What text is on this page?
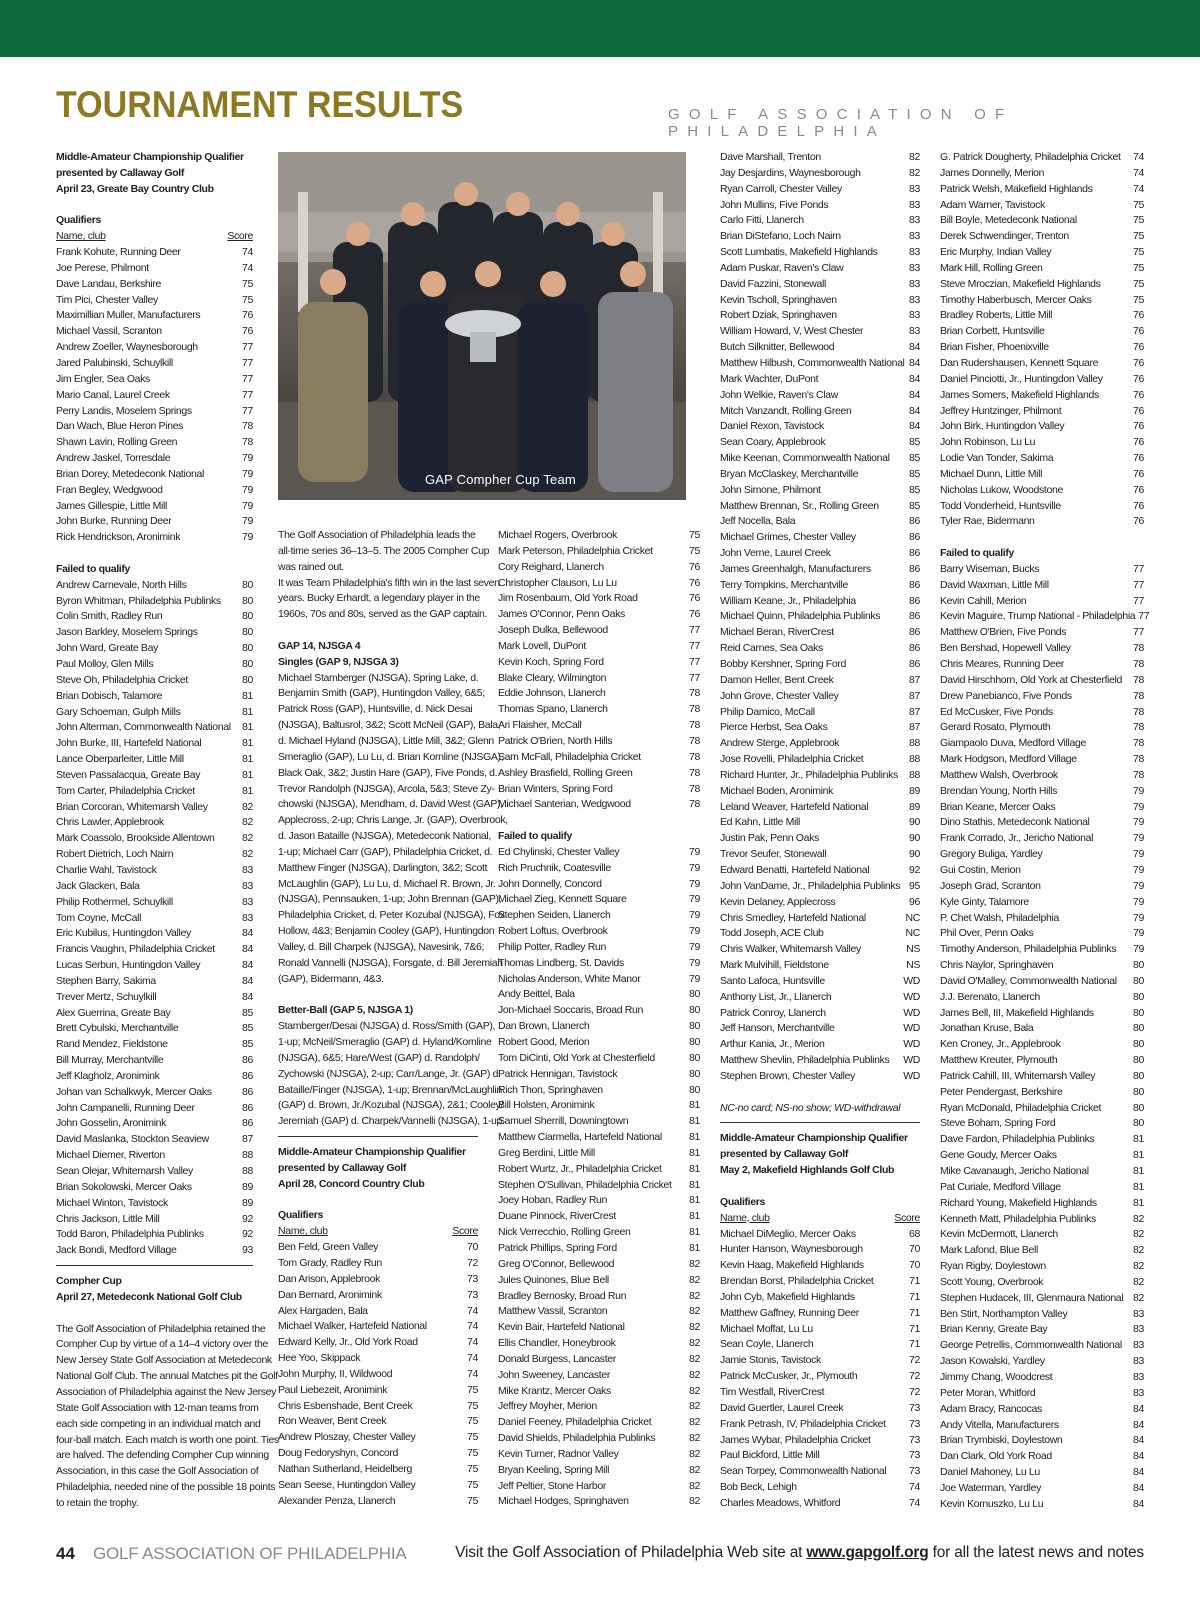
TOURNAMENT RESULTS	GOLF ASSOCIATION OF PHILADELPHIA
Middle-Amateur Championship Qualifier
presented by Callaway Golf
April 23, Greate Bay Country Club
Qualifiers
Name, club	Score
Frank Kohute, Running Deer	74
Joe Perese, Philmont	74
Dave Landau, Berkshire	75
Tim Pici, Chester Valley	75
Maximillian Muller, Manufacturers	76
Michael Vassil, Scranton	76
Andrew Zoeller, Waynesborough	77
Jared Palubinski, Schuylkill	77
Jim Engler, Sea Oaks	77
Mario Canal, Laurel Creek	77
Perry Landis, Moselem Springs	77
Dan Wach, Blue Heron Pines	78
Shawn Lavin, Rolling Green	78
Andrew Jaskel, Torresdale	79
Brian Dorey, Metedeconk National	79
Fran Begley, Wedgwood	79
James Gillespie, Little Mill	79
John Burke, Running Deer	79
Rick Hendrickson, Aronimink	79
Failed to qualify
Andrew Carnevale, North Hills	80
Byron Whitman, Philadelphia Publinks 80
Colin Smith, Radley Run	80
Jason Barkley, Moselem Springs	80
John Ward, Greate Bay	80
Paul Molloy, Glen Mills	80
Steve Oh, Philadelphia Cricket	80
Brian Dobisch, Talamore	81
Gary Schoeman, Gulph Mills	81
John Alterman, Commonwealth National 81
John Burke, III, Hartefeld National	81
Lance Oberparleiter, Little Mill	81
Steven Passalacqua, Greate Bay	81
Tom Carter, Philadelphia Cricket	81
Brian Corcoran, Whitemarsh Valley	82
Chris Lawler, Applebrook	82
Mark Coassolo, Brookside Allentown	82
Robert Dietrich, Loch Nairn	82
Charlie Wahl, Tavistock	83
Jack Glacken, Bala	83
Philip Rothermel, Schuylkill	83
Tom Coyne, McCall	83
Eric Kubilus, Huntingdon Valley	84
Francis Vaughn, Philadelphia Cricket	84
Lucas Serbun, Huntingdon Valley	84
Stephen Barry, Sakima	84
Trever Mertz, Schuylkill	84
Alex Guerrina, Greate Bay	85
Brett Cybulski, Merchantville	85
Rand Mendez, Fieldstone	85
Bill Murray, Merchantville	86
Jeff Klagholz, Aronimink	86
Johan van Schalkwyk, Mercer Oaks	86
John Campanelli, Running Deer	86
John Gosselin, Aronimink	86
David Maslanka, Stockton Seaview	87
Michael Diemer, Riverton	88
Sean Olejar, Whitemarsh Valley	88
Brian Sokolowski, Mercer Oaks	89
Michael Winton, Tavistock	89
Chris Jackson, Little Mill	92
Todd Baron, Philadelphia Publinks	92
Jack Bondi, Medford Village	93
Compher Cup
April 27, Metedeconk National Golf Club
The Golf Association of Philadelphia retained the
Compher Cup by virtue of a 14–4 victory over the
New Jersey State Golf Association at Metedeconk
National Golf Club. The annual Matches pit the Golf
Association of Philadelphia against the New Jersey
State Golf Association with 12-man teams from
each side competing in an individual match and
four-ball match. Each match is worth one point. Ties
are halved. The defending Compher Cup winning
Association, in this case the Golf Association of
Philadelphia, needed nine of the possible 18 points
to retain the trophy.
GAP Compher Cup Team
The Golf Association of Philadelphia leads the
all-time series 36–13–5. The 2005 Compher Cup
was rained out.
It was Team Philadelphia's fifth win in the last seven
years. Bucky Erhardt, a legendary player in the
1960s, 70s and 80s, served as the GAP captain.
GAP 14, NJSGA 4
Singles (GAP 9, NJSGA 3)
Michael Stamberger (NJSGA), Spring Lake, d.
Benjamin Smith (GAP), Huntingdon Valley, 6&5;
Patrick Ross (GAP), Huntsville, d. Nick Desai
(NJSGA), Baltusrol, 3&2; Scott McNeil (GAP), Bala,
d. Michael Hyland (NJSGA), Little Mill, 3&2; Glenn
Smeraglio (GAP), Lu Lu, d. Brian Kornline (NJSGA),
Black Oak, 3&2; Justin Hare (GAP), Five Ponds, d.
Trevor Randolph (NJSGA), Arcola, 5&3; Steve Zy-
chowski (NJSGA), Mendham, d. David West (GAP),
Applecross, 2-up; Chris Lange, Jr. (GAP), Overbrook,
d. Jason Bataille (NJSGA), Metedeconk National,
1-up; Michael Carr (GAP), Philadelphia Cricket, d.
Matthew Finger (NJSGA), Darlington, 3&2; Scott
McLaughlin (GAP), Lu Lu, d. Michael R. Brown, Jr.
(NJSGA), Pennsauken, 1-up; John Brennan (GAP),
Philadelphia Cricket, d. Peter Kozubal (NJSGA), Fox
Hollow, 4&3; Benjamin Cooley (GAP), Huntingdon
Valley, d. Bill Charpek (NJSGA), Navesink, 7&6;
Ronald Vannelli (NJSGA), Forsgate, d. Bill Jeremiah
(GAP), Bidermann, 4&3.
Better-Ball (GAP 5, NJSGA 1)
Stamberger/Desai (NJSGA) d. Ross/Smith (GAP),
1-up; McNeil/Smeraglio (GAP) d. Hyland/Kornline
(NJSGA), 6&5; Hare/West (GAP) d. Randolph/
Zychowski (NJSGA), 2-up; Carr/Lange, Jr. (GAP) d.
Bataille/Finger (NJSGA), 1-up; Brennan/McLaughlin
(GAP) d. Brown, Jr./Kozubal (NJSGA), 2&1; Cooley/
Jeremiah (GAP) d. Charpek/Vannelli (NJSGA), 1-up.
Middle-Amateur Championship Qualifier
presented by Callaway Golf
April 28, Concord Country Club
Qualifiers
Name, club	Score
Ben Feld, Green Valley	70
Tom Grady, Radley Run	72
Dan Arison, Applebrook	73
Dan Bernard, Aronimink	73
Alex Hargaden, Bala	74
Michael Walker, Hartefeld National	74
Edward Kelly, Jr., Old York Road	74
Hee Yoo, Skippack	74
John Murphy, II, Wildwood	74
Paul Liebezeit, Aronimink	75
Chris Esbenshade, Bent Creek	75
Ron Weaver, Bent Creek	75
Andrew Ploszay, Chester Valley	75
Doug Fedoryshyn, Concord	75
Nathan Sutherland, Heidelberg	75
Sean Seese, Huntingdon Valley	75
Alexander Penza, Llanerch	75
Michael Rogers, Overbrook	75
Mark Peterson, Philadelphia Cricket	75
Cory Reighard, Llanerch	76
Christopher Clauson, Lu Lu	76
Jim Rosenbaum, Old York Road	76
James O'Connor, Penn Oaks	76
Joseph Dulka, Bellewood	77
Mark Lovell, DuPont	77
Kevin Koch, Spring Ford	77
Blake Cleary, Wilmington	77
Eddie Johnson, Llanerch	78
Thomas Spano, Llanerch	78
Ari Flaisher, McCall	78
Patrick O'Brien, North Hills	78
Sam McFall, Philadelphia Cricket	78
Ashley Brasfield, Rolling Green	78
Brian Winters, Spring Ford	78
Michael Santerian, Wedgwood	78
Failed to qualify
Ed Chylinski, Chester Valley	79
Rich Pruchnik, Coatesville	79
John Donnelly, Concord	79
Michael Zieg, Kennett Square	79
Stephen Seiden, Llanerch	79
Robert Loftus, Overbrook	79
Philip Potter, Radley Run	79
Thomas Lindberg, St. Davids	79
Nicholas Anderson, White Manor	79
Andy Beittel, Bala	80
Jon-Michael Soccaris, Broad Run	80
Dan Brown, Llanerch	80
Robert Good, Merion	80
Tom DiCinti, Old York at Chesterfield	80
Patrick Hennigan, Tavistock	80
Rich Thon, Springhaven	80
Bill Holsten, Aronimink	81
Samuel Sherrill, Downingtown	81
Matthew Ciarmella, Hartefeld National	81
Greg Berdini, Little Mill	81
Robert Wurtz, Jr., Philadelphia Cricket	81
Stephen O'Sullivan, Philadelphia Cricket 81
Joey Hoban, Radley Run	81
Duane Pinnock, RiverCrest	81
Nick Verrecchio, Rolling Green	81
Patrick Phillips, Spring Ford	81
Greg O'Connor, Bellewood	82
Jules Quinones, Blue Bell	82
Bradley Bernosky, Broad Run	82
Matthew Vassil, Scranton	82
Kevin Bair, Hartefeld National	82
Ellis Chandler, Honeybrook	82
Donald Burgess, Lancaster	82
John Sweeney, Lancaster	82
Mike Krantz, Mercer Oaks	82
Jeffrey Moyher, Merion	82
Daniel Feeney, Philadelphia Cricket	82
David Shields, Philadelphia Publinks	82
Kevin Turner, Radnor Valley	82
Bryan Keeling, Spring Mill	82
Jeff Peltier, Stone Harbor	82
Michael Hodges, Springhaven	82
Dave Marshall, Trenton	82
Jay Desjardins, Waynesborough	82
Ryan Carroll, Chester Valley	83
John Mullins, Five Ponds	83
Carlo Fitti, Llanerch	83
Brian DiStefano, Loch Nairn	83
Scott Lumbatis, Makefield Highlands	83
Adam Puskar, Raven's Claw	83
David Fazzini, Stonewall	83
Kevin Tscholl, Springhaven	83
Robert Dziak, Springhaven	83
William Howard, V, West Chester	83
Butch Silknitter, Bellewood	84
Matthew Hilbush, Commonwealth National 84
Mark Wachter, DuPont	84
John Welkie, Raven's Claw	84
Mitch Vanzandt, Rolling Green	84
Daniel Rexon, Tavistock	84
Sean Coary, Applebrook	85
Mike Keenan, Commonwealth National 85
Bryan McClaskey, Merchantville	85
John Simone, Philmont	85
Matthew Brennan, Sr., Rolling Green	85
Jeff Nocella, Bala	86
Michael Grimes, Chester Valley	86
John Verne, Laurel Creek	86
James Greenhalgh, Manufacturers	86
Terry Tompkins, Merchantville	86
William Keane, Jr., Philadelphia	86
Michael Quinn, Philadelphia Publinks	86
Michael Beran, RiverCrest	86
Reid Carnes, Sea Oaks	86
Bobby Kershner, Spring Ford	86
Damon Heller, Bent Creek	87
John Grove, Chester Valley	87
Philip Damico, McCall	87
Pierce Herbst, Sea Oaks	87
Andrew Sterge, Applebrook	88
Jose Rovelli, Philadelphia Cricket	88
Richard Hunter, Jr., Philadelphia Publinks 88
Michael Boden, Aronimink	89
Leland Weaver, Hartefeld National	89
Ed Kahn, Little Mill	90
Justin Pak, Penn Oaks	90
Trevor Seufer, Stonewall	90
Edward Benatti, Hartefeld National	92
John VanDame, Jr., Philadelphia Publinks 95
Kevin Delaney, Applecross	96
Chris Smedley, Hartefeld National	NC
Todd Joseph, ACE Club	NC
Chris Walker, Whitemarsh Valley	NS
Mark Mulvihill, Fieldstone	NS
Santo Lafoca, Huntsville	WD
Anthony List, Jr., Llanerch	WD
Patrick Conroy, Llanerch	WD
Jeff Hanson, Merchantville	WD
Arthur Kania, Jr., Merion	WD
Matthew Shevlin, Philadelphia Publinks WD
Stephen Brown, Chester Valley	WD
NC-no card; NS-no show; WD-withdrawal
Middle-Amateur Championship Qualifier
presented by Callaway Golf
May 2, Makefield Highlands Golf Club
Qualifiers
Name, club	Score
Michael DiMeglio, Mercer Oaks	68
Hunter Hanson, Waynesborough	70
Kevin Haag, Makefield Highlands	70
Brendan Borst, Philadelphia Cricket	71
John Cyb, Makefield Highlands	71
Matthew Gaffney, Running Deer	71
Michael Moffat, Lu Lu	71
Sean Coyle, Llanerch	71
Jamie Stonis, Tavistock	72
Patrick McCusker, Jr., Plymouth	72
Tim Westfall, RiverCrest	72
David Guertler, Laurel Creek	73
Frank Petrash, IV, Philadelphia Cricket 73
James Wybar, Philadelphia Cricket	73
Paul Bickford, Little Mill	73
Sean Torpey, Commonwealth National 73
Bob Beck, Lehigh	74
Charles Meadows, Whitford	74
G. Patrick Dougherty, Philadelphia Cricket 74
James Donnelly, Merion	74
Patrick Welsh, Makefield Highlands	74
Adam Warner, Tavistock	75
Bill Boyle, Metedeconk National	75
Derek Schwendinger, Trenton	75
Eric Murphy, Indian Valley	75
Mark Hill, Rolling Green	75
Steve Mroczian, Makefield Highlands	75
Timothy Haberbusch, Mercer Oaks	75
Bradley Roberts, Little Mill	76
Brian Corbett, Huntsville	76
Brian Fisher, Phoenixville	76
Dan Rudershausen, Kennett Square	76
Daniel Pinciotti, Jr., Huntingdon Valley	76
James Somers, Makefield Highlands	76
Jeffrey Huntzinger, Philmont	76
John Birk, Huntingdon Valley	76
John Robinson, Lu Lu	76
Lodie Van Tonder, Sakima	76
Michael Dunn, Little Mill	76
Nicholas Lukow, Woodstone	76
Todd Vonderheid, Huntsville	76
Tyler Rae, Bidermann	76
Failed to qualify
Barry Wiseman, Bucks	77
David Waxman, Little Mill	77
Kevin Cahill, Merion	77
Kevin Maguire, Trump National - Philadelphia 77
Matthew O'Brien, Five Ponds	77
Ben Bershad, Hopewell Valley	78
Chris Meares, Running Deer	78
David Hirschhorn, Old York at Chesterfield 78
Drew Panebianco, Five Ponds	78
Ed McCusker, Five Ponds	78
Gerard Rosato, Plymouth	78
Giampaolo Duva, Medford Village	78
Mark Hodgson, Medford Village	78
Matthew Walsh, Overbrook	78
Brendan Young, North Hills	79
Brian Keane, Mercer Oaks	79
Dino Stathis, Metedeconk National	79
Frank Corrado, Jr., Jericho National	79
Gregory Buliga, Yardley	79
Gui Costin, Merion	79
Joseph Grad, Scranton	79
Kyle Ginty, Talamore	79
P. Chet Walsh, Philadelphia	79
Phil Over, Penn Oaks	79
Timothy Anderson, Philadelphia Publinks 79
Chris Naylor, Springhaven	80
David O'Malley, Commonwealth National 80
J.J. Berenato, Llanerch	80
James Bell, III, Makefield Highlands	80
Jonathan Kruse, Bala	80
Ken Croney, Jr., Applebrook	80
Matthew Kreuter, Plymouth	80
Patrick Cahill, III, Whitemarsh Valley	80
Peter Pendergast, Berkshire	80
Ryan McDonald, Philadelphia Cricket	80
Steve Boham, Spring Ford	80
Dave Fardon, Philadelphia Publinks	81
Gene Goudy, Mercer Oaks	81
Mike Cavanaugh, Jericho National	81
Pat Curiale, Medford Village	81
Richard Young, Makefield Highlands	81
Kenneth Matt, Philadelphia Publinks	82
Kevin McDermott, Llanerch	82
Mark Lafond, Blue Bell	82
Ryan Rigby, Doylestown	82
Scott Young, Overbrook	82
Stephen Hudacek, III, Glenmaura National 82
Ben Stirt, Northampton Valley	83
Brian Kenny, Greate Bay	83
George Petrellis, Commonwealth National 83
Jason Kowalski, Yardley	83
Jimmy Chang, Woodcrest	83
Peter Moran, Whitford	83
Adam Bracy, Rancocas	84
Andy Vitella, Manufacturers	84
Brian Trymbiski, Doylestown	84
Dan Clark, Old York Road	84
Daniel Mahoney, Lu Lu	84
Joe Waterman, Yardley	84
Kevin Kornuszko, Lu Lu	84
44 GOLF ASSOCIATION OF PHILADELPHIA	Visit the Golf Association of Philadelphia Web site at www.gapgolf.org for all the latest news and notes
